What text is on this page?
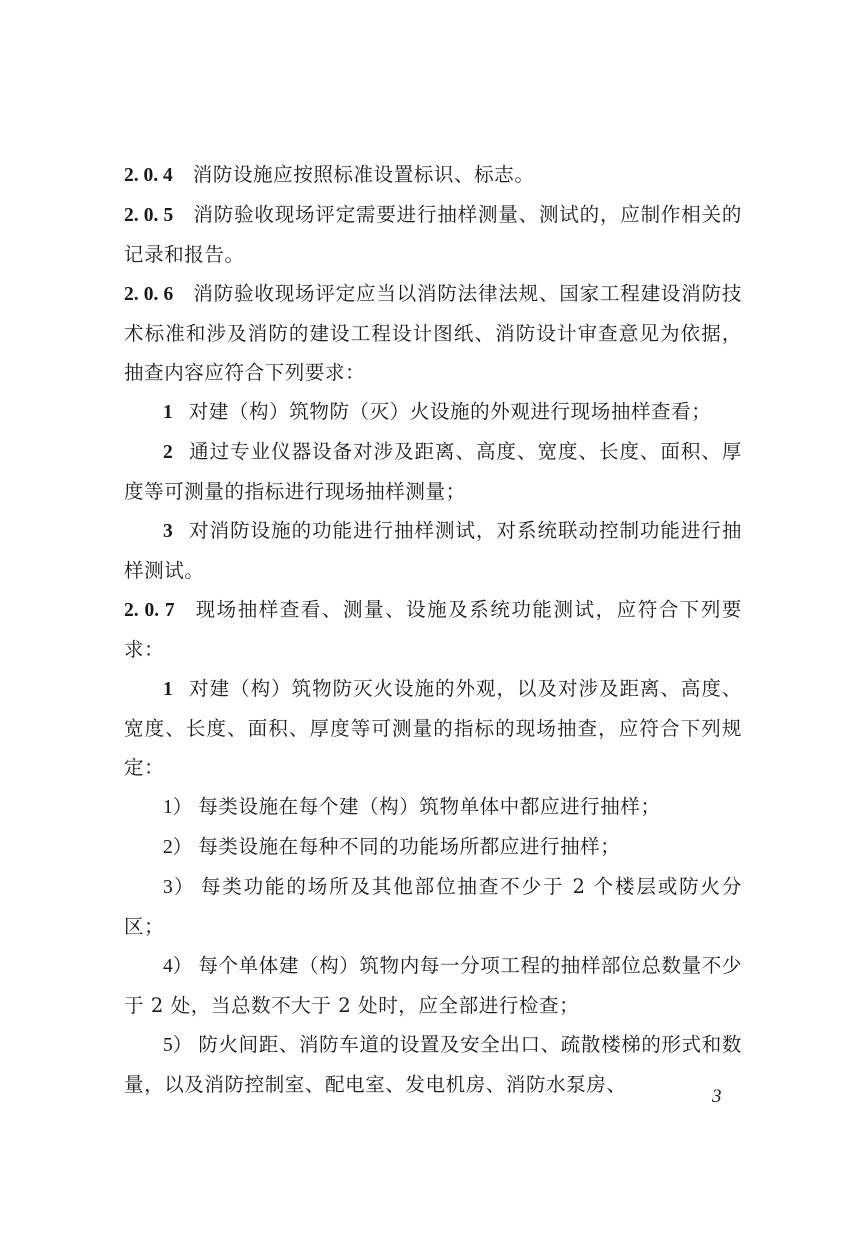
2. 0. 4 消防设施应按照标准设置标识、标志。

2. 0. 5 消防验收现场评定需要进行抽样测量、测试的，应制作相关的记录和报告。

2. 0. 6 消防验收现场评定应当以消防法律法规、国家工程建设消防技术标准和涉及消防的建设工程设计图纸、消防设计审查意见为依据，抽查内容应符合下列要求：

1 对建（构）筑物防（灭）火设施的外观进行现场抽样查看；

2 通过专业仪器设备对涉及距离、高度、宽度、长度、面积、厚度等可测量的指标进行现场抽样测量；

3 对消防设施的功能进行抽样测试，对系统联动控制功能进行抽样测试。

2. 0. 7 现场抽样查看、测量、设施及系统功能测试，应符合下列要求：

1 对建（构）筑物防灭火设施的外观，以及对涉及距离、高度、宽度、长度、面积、厚度等可测量的指标的现场抽查，应符合下列规定：

1） 每类设施在每个建（构）筑物单体中都应进行抽样；

2） 每类设施在每种不同的功能场所都应进行抽样；

3） 每类功能的场所及其他部位抽查不少于 2 个楼层或防火分区；

4） 每个单体建（构）筑物内每一分项工程的抽样部位总数量不少于 2 处，当总数不大于 2 处时，应全部进行检查；

5） 防火间距、消防车道的设置及安全出口、疏散楼梯的形式和数量，以及消防控制室、配电室、发电机房、消防水泵房、

3
